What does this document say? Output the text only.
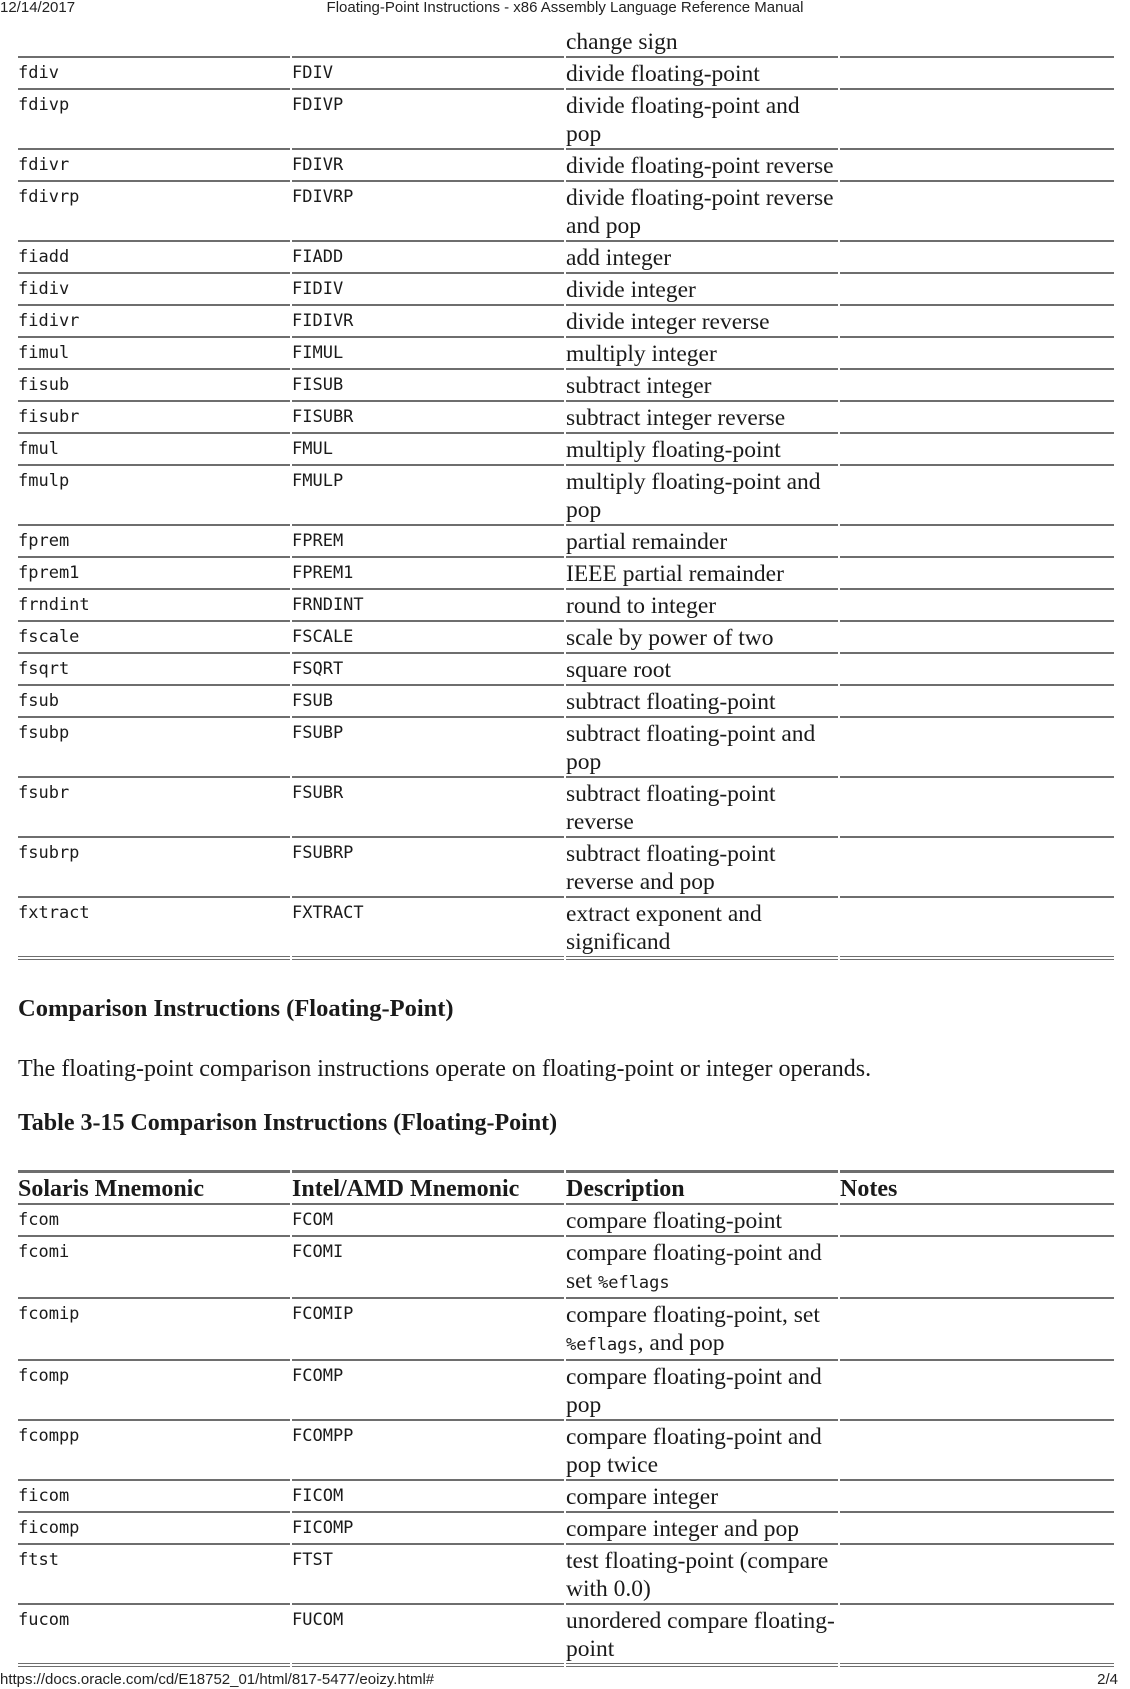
12/14/2017	Floating-Point Instructions - x86 Assembly Language Reference Manual
		change sign	
fdiv	FDIV	divide floating-point	
fdivp	FDIVP	divide floating-point and pop	
fdivr	FDIVR	divide floating-point reverse	
fdivrp	FDIVRP	divide floating-point reverse and pop	
fiadd	FIADD	add integer	
fidiv	FIDIV	divide integer	
fidivr	FIDIVR	divide integer reverse	
fimul	FIMUL	multiply integer	
fisub	FISUB	subtract integer	
fisubr	FISUBR	subtract integer reverse	
fmul	FMUL	multiply floating-point	
fmulp	FMULP	multiply floating-point and pop	
fprem	FPREM	partial remainder	
fprem1	FPREM1	IEEE partial remainder	
frndint	FRNDINT	round to integer	
fscale	FSCALE	scale by power of two	
fsqrt	FSQRT	square root	
fsub	FSUB	subtract floating-point	
fsubp	FSUBP	subtract floating-point and pop	
fsubr	FSUBR	subtract floating-point reverse	
fsubrp	FSUBRP	subtract floating-point reverse and pop	
fxtract	FXTRACT	extract exponent and significand	
Comparison Instructions (Floating-Point)

The floating-point comparison instructions operate on floating-point or integer operands.

Table 3-15 Comparison Instructions (Floating-Point)
Solaris Mnemonic	Intel/AMD Mnemonic	Description	Notes
fcom	FCOM	compare floating-point	
fcomi	FCOMI	compare floating-point and set %eflags	
fcomip	FCOMIP	compare floating-point, set %eflags, and pop	
fcomp	FCOMP	compare floating-point and pop	
fcompp	FCOMPP	compare floating-point and pop twice	
ficom	FICOM	compare integer	
ficomp	FICOMP	compare integer and pop	
ftst	FTST	test floating-point (compare with 0.0)	
fucom	FUCOM	unordered compare floating-point	
https://docs.oracle.com/cd/E18752_01/html/817-5477/eoizy.html#	2/4
